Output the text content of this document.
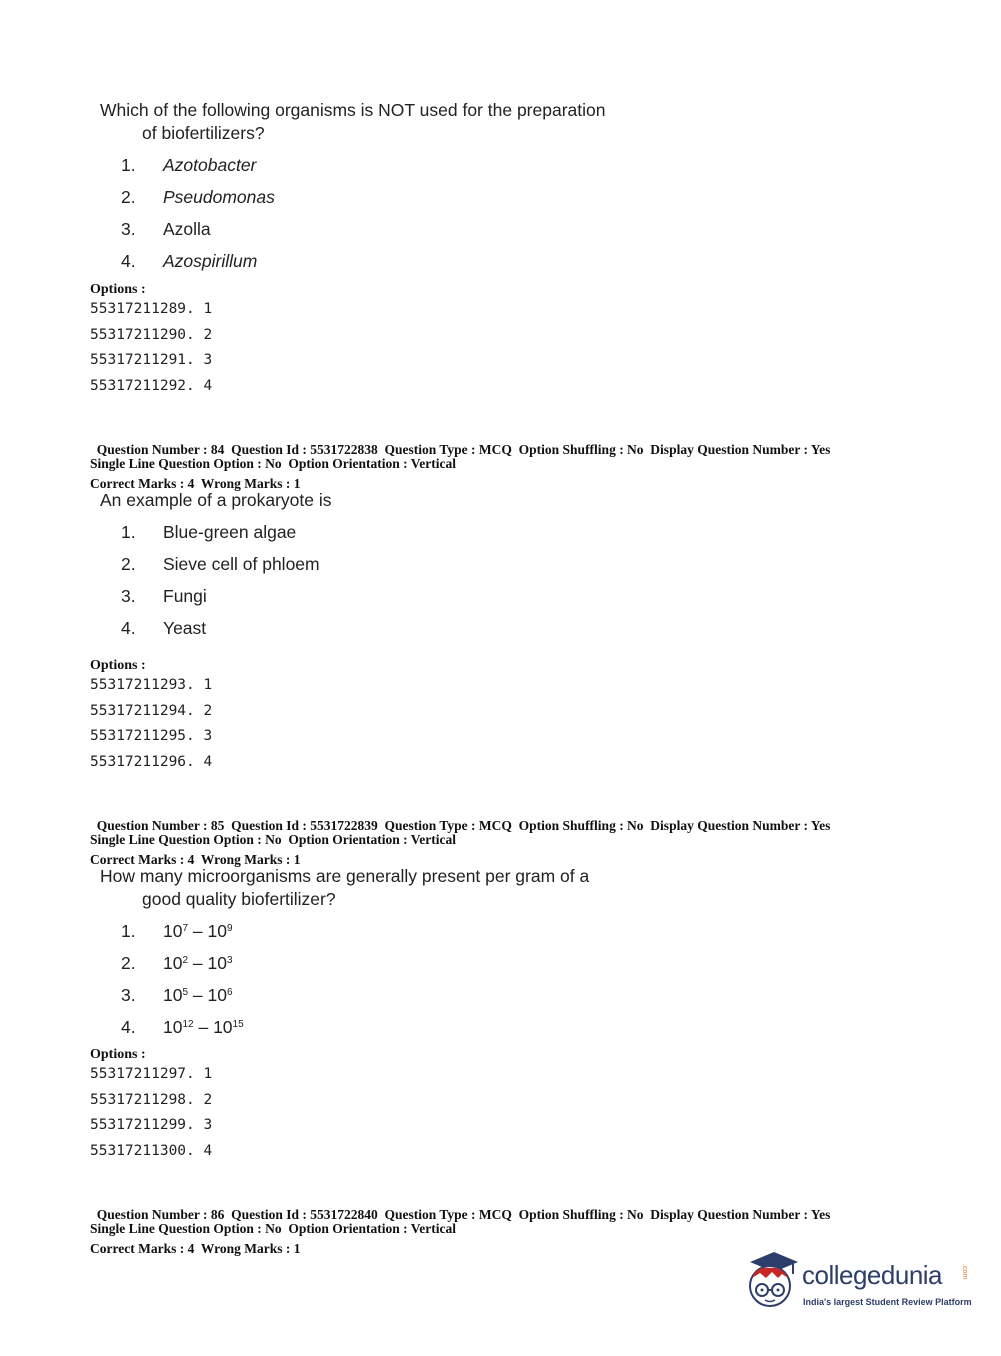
Which of the following organisms is NOT used for the preparation
of biofertilizers?
1.	Azotobacter
2.	Pseudomonas
3.	Azolla
4.	Azospirillum
Options :
55317211289. 1
55317211290. 2
55317211291. 3
55317211292. 4

Question Number : 84  Question Id : 5531722838  Question Type : MCQ  Option Shuffling : No  Display Question Number : Yes
Single Line Question Option : No  Option Orientation : Vertical

Correct Marks : 4  Wrong Marks : 1

An example of a prokaryote is
1.	Blue-green algae
2.	Sieve cell of phloem
3.	Fungi
4.	Yeast
Options :
55317211293. 1
55317211294. 2
55317211295. 3
55317211296. 4

Question Number : 85  Question Id : 5531722839  Question Type : MCQ  Option Shuffling : No  Display Question Number : Yes
Single Line Question Option : No  Option Orientation : Vertical

Correct Marks : 4  Wrong Marks : 1

How many microorganisms are generally present per gram of a
good quality biofertilizer?
1.	$10^7 - 10^9$
2.	$10^2 - 10^3$
3.	$10^5 - 10^6$
4.	$10^{12} - 10^{15}$
Options :
55317211297. 1
55317211298. 2
55317211299. 3
55317211300. 4

Question Number : 86  Question Id : 5531722840  Question Type : MCQ  Option Shuffling : No  Display Question Number : Yes
Single Line Question Option : No  Option Orientation : Vertical

Correct Marks : 4  Wrong Marks : 1

collegedunia	.com
India's largest Student Review Platform
